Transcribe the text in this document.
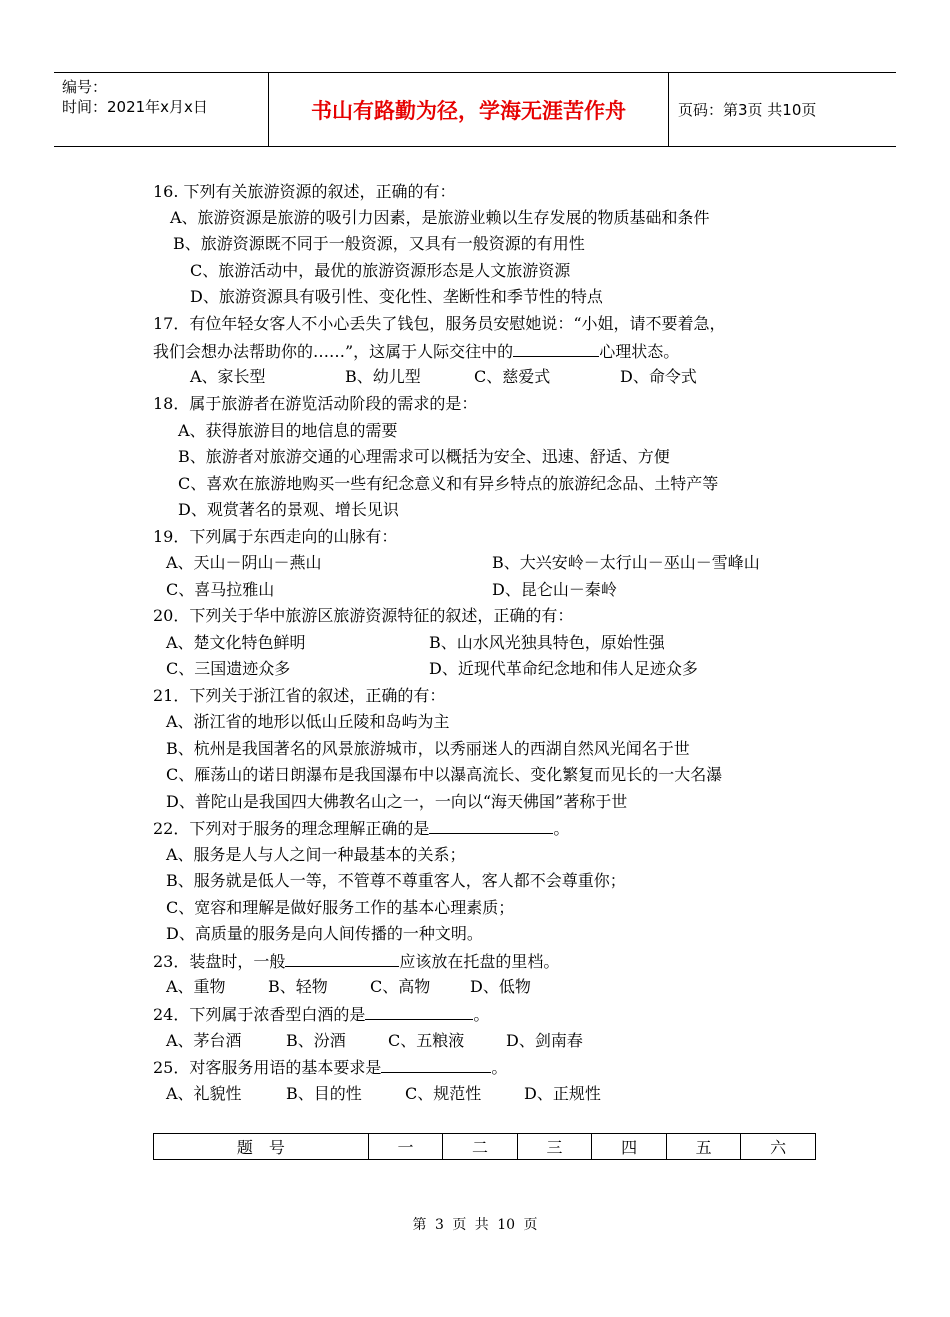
编号：
时间：2021年x月x日	书山有路勤为径，学海无涯苦作舟	页码：第3页 共10页
16. 下列有关旅游资源的叙述，正确的有：
A、旅游资源是旅游的吸引力因素，是旅游业赖以生存发展的物质基础和条件
B、旅游资源既不同于一般资源，又具有一般资源的有用性
C、旅游活动中，最优的旅游资源形态是人文旅游资源
D、旅游资源具有吸引性、变化性、垄断性和季节性的特点
17．有位年轻女客人不小心丢失了钱包，服务员安慰她说：“小姐，请不要着急，
我们会想办法帮助你的……”，这属于人际交往中的	心理状态。
A、家长型	B、幼儿型	C、慈爱式	D、命令式
18．属于旅游者在游览活动阶段的需求的是：
A、获得旅游目的地信息的需要
B、旅游者对旅游交通的心理需求可以概括为安全、迅速、舒适、方便
C、喜欢在旅游地购买一些有纪念意义和有异乡特点的旅游纪念品、土特产等
D、观赏著名的景观、增长见识
19．下列属于东西走向的山脉有：
A、天山－阴山－燕山	B、大兴安岭－太行山－巫山－雪峰山
C、喜马拉雅山	D、昆仑山－秦岭
20．下列关于华中旅游区旅游资源特征的叙述，正确的有：
A、楚文化特色鲜明	B、山水风光独具特色，原始性强
C、三国遗迹众多	D、近现代革命纪念地和伟人足迹众多
21．下列关于浙江省的叙述，正确的有：
A、浙江省的地形以低山丘陵和岛屿为主
B、杭州是我国著名的风景旅游城市，以秀丽迷人的西湖自然风光闻名于世
C、雁荡山的诺日朗瀑布是我国瀑布中以瀑高流长、变化繁复而见长的一大名瀑
D、普陀山是我国四大佛教名山之一，一向以“海天佛国”著称于世
22．下列对于服务的理念理解正确的是	。
A、服务是人与人之间一种最基本的关系；
B、服务就是低人一等，不管尊不尊重客人，客人都不会尊重你；
C、宽容和理解是做好服务工作的基本心理素质；
D、高质量的服务是向人间传播的一种文明。
23．装盘时，一般	应该放在托盘的里档。
A、重物	B、轻物	C、高物 D、低物
24．下列属于浓香型白酒的是	。
A、茅台酒	B、汾酒	C、五粮液	D、剑南春
25．对客服务用语的基本要求是	。
A、礼貌性	B、目的性	C、规范性	D、正规性
题　号	一	二	三	四	五	六
第 3 页 共 10 页
